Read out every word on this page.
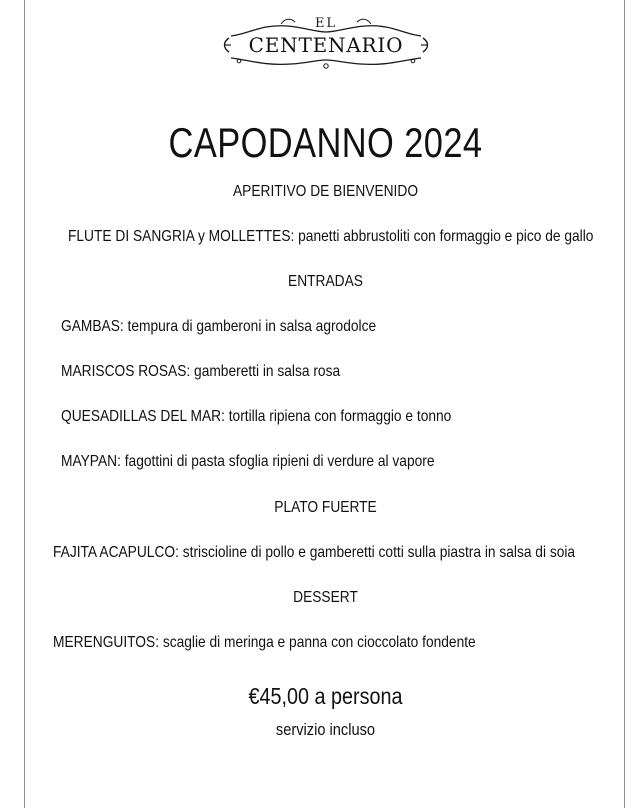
EL
CENTENARIO
CAPODANNO 2024
APERITIVO DE BIENVENIDO
FLUTE DI SANGRIA y MOLLETTES: panetti abbrustoliti con formaggio e pico de gallo
ENTRADAS
GAMBAS: tempura di gamberoni in salsa agrodolce
MARISCOS ROSAS: gamberetti in salsa rosa
QUESADILLAS DEL MAR: tortilla ripiena con formaggio e tonno
MAYPAN: fagottini di pasta sfoglia ripieni di verdure al vapore
PLATO FUERTE
FAJITA ACAPULCO: striscioline di pollo e gamberetti cotti sulla piastra in salsa di soia
DESSERT
MERENGUITOS: scaglie di meringa e panna con cioccolato fondente
€45,00 a persona
servizio incluso
